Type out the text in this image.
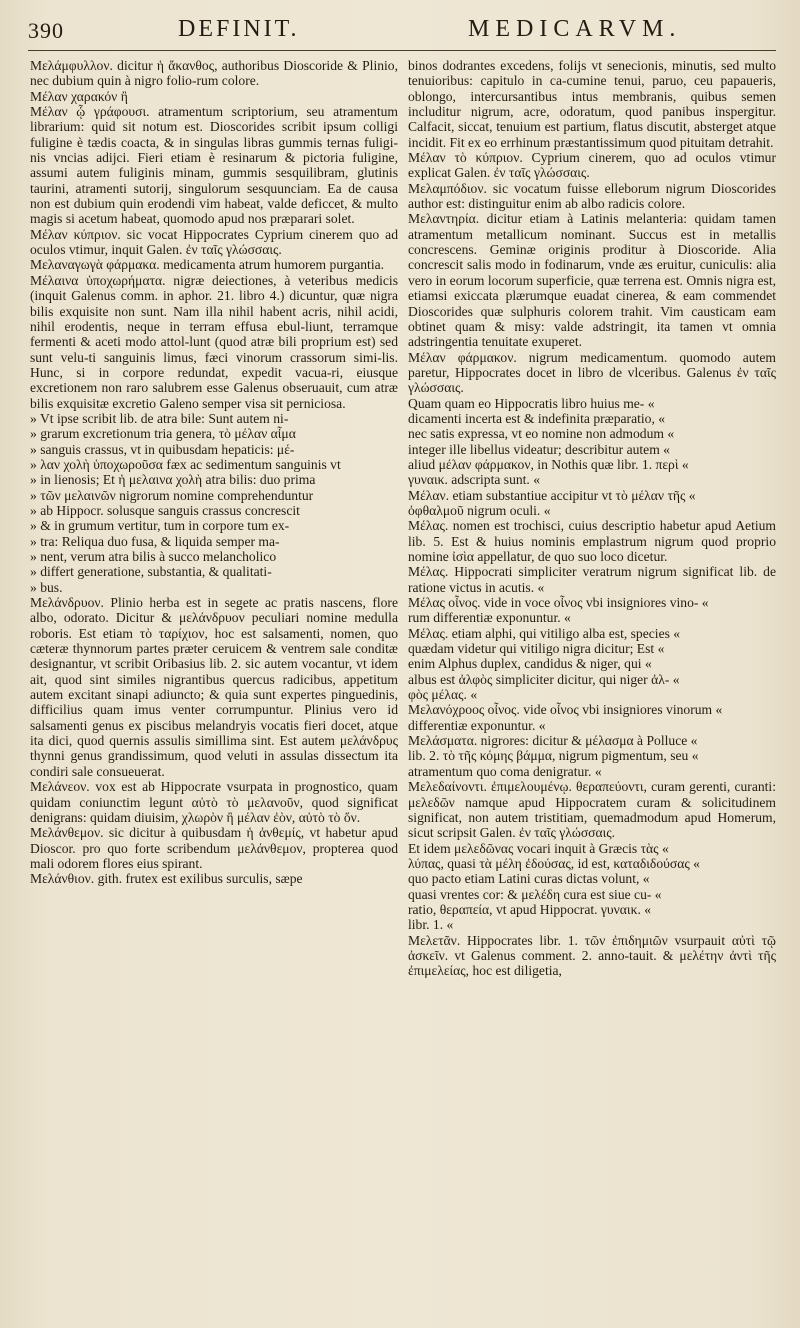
390	DEFINIT.	MEDICARVM.

Μελάμφυλλον. dicitur ἡ ἄκανθος, authoribus Dioscoride & Plinio, nec dubium quin à nigro folio-rum colore.

Μέλαν χαρακόν ἢ

Μέλαν ᾧ γράφουσι. atramentum scriptorium, seu atramentum librarium: quid sit notum est. Dioscorides scribit ipsum colligi fuligine è tædis coacta, & in singulas libras gummis ternas fuligi-nis vncias adijci. Fieri etiam è resinarum & pictoria fuligine, assumi autem fuliginis minam, gummis sesquilibram, glutinis taurini, atramenti sutorij, singulorum sesquunciam. Ea de causa non est dubium quin erodendi vim habeat, valde deficcet, & multo magis si acetum habeat, quomodo apud nos præparari solet.

Μέλαν κύπριον. sic vocat Hippocrates Cyprium cinerem quo ad oculos vtimur, inquit Galen. ἐν ταῖς γλώσσαις.

Μελαναγωγὰ φάρμακα. medicamenta atrum humorem purgantia.

Μέλαινα ὑποχωρήματα. nigræ deiectiones, à veteribus medicis (inquit Galenus comm. in aphor. 21. libro 4.) dicuntur, quæ nigra bilis exquisite non sunt. Nam illa nihil habent acris, nihil acidi, nihil erodentis, neque in terram effusa ebul-liunt, terramque fermenti & aceti modo attol-lunt (quod atræ bili proprium est) sed sunt velu-ti sanguinis limus, fæci vinorum crassorum simi-lis. Hunc, si in corpore redundat, expedit vacua-ri, eiusque excretionem non raro salubrem esse Galenus obseruauit, cum atræ bilis exquisitæ excretio Galeno semper visa sit perniciosa.

» Vt ipse scribit lib. de atra bile: Sunt autem ni-

» grarum excretionum tria genera, τὸ μέλαν αἷμα

» sanguis crassus, vt in quibusdam hepaticis: μέ-

» λαν χολὴ ὑποχωροῦσα fæx ac sedimentum sanguinis vt

» in lienosis; Et ἡ μελαινα χολὴ atra bilis: duo prima

» τῶν μελαινῶν nigrorum nomine comprehenduntur

» ab Hippocr. solusque sanguis crassus concrescit

» & in grumum vertitur, tum in corpore tum ex-

» tra: Reliqua duo fusa, & liquida semper ma-

» nent, verum atra bilis à succo melancholico

» differt generatione, substantia, & qualitati-

» bus.

Μελάνδρυον. Plinio herba est in segete ac pratis nascens, flore albo, odorato. Dicitur & μελάνδρυον peculiari nomine medulla roboris. Est etiam τὸ ταρίχιον, hoc est salsamenti, nomen, quo cæteræ thynnorum partes præter ceruicem & ventrem sale conditæ designantur, vt scribit Oribasius lib. 2. sic autem vocantur, vt idem ait, quod sint similes nigrantibus quercus radicibus, appetitum autem excitant sinapi adiuncto; & quia sunt expertes pinguedinis, difficilius quam imus venter corrumpuntur. Plinius vero id salsamenti genus ex piscibus melandryis vocatis fieri docet, atque ita dici, quod quernis assulis simillima sint. Est autem μελάνδρυς thynni genus grandissimum, quod veluti in assulas dissectum ita condiri sale consueuerat.

Μελάνεον. vox est ab Hippocrate vsurpata in prognostico, quam quidam coniunctim legunt αὐτὸ τὸ μελανοῦν, quod significat denigrans: quidam diuisim, χλωρὸν ἢ μέλαν ἐὸν, αὐτὸ τὸ ὄν.

Μελάνθεμον. sic dicitur à quibusdam ἡ ἀνθεμίς, vt habetur apud Dioscor. pro quo forte scribendum μελάνθεμον, propterea quod mali odorem flores eius spirant.

Μελάνθιον. gith. frutex est exilibus surculis, sæpe

binos dodrantes excedens, folijs vt senecionis, minutis, sed multo tenuioribus: capitulo in ca-cumine tenui, paruo, ceu papaueris, oblongo, intercursantibus intus membranis, quibus semen includitur nigrum, acre, odoratum, quod panibus inspergitur. Calfacit, siccat, tenuium est partium, flatus discutit, absterget atque incidit. Fit ex eo errhinum præstantissimum quod pituitam detrahit.

Μέλαν τὸ κύπριον. Cyprium cinerem, quo ad oculos vtimur explicat Galen. ἐν ταῖς γλώσσαις.

Μελαμπόδιον. sic vocatum fuisse elleborum nigrum Dioscorides author est: distinguitur enim ab albo radicis colore.

Μελαντηρία. dicitur etiam à Latinis melanteria: quidam tamen atramentum metallicum nominant. Succus est in metallis concrescens. Geminæ originis proditur à Dioscoride. Alia concrescit salis modo in fodinarum, vnde æs eruitur, cuniculis: alia vero in eorum locorum superficie, quæ terrena est. Omnis nigra est, etiamsi exiccata plærumque euadat cinerea, & eam commendet Dioscorides quæ sulphuris colorem trahit. Vim causticam eam obtinet quam & misy: valde adstringit, ita tamen vt omnia adstringentia tenuitate exuperet.

Μέλαν φάρμακον. nigrum medicamentum. quomodo autem paretur, Hippocrates docet in libro de vlceribus. Galenus ἐν ταῖς γλώσσαις.

Quam quam eo Hippocratis libro huius me- «

dicamenti incerta est & indefinita præparatio, «

nec satis expressa, vt eo nomine non admodum «

integer ille libellus videatur; describitur autem «

aliud μέλαν φάρμακον, in Nothis quæ libr. 1. περὶ «

γυναικ. adscripta sunt. «

Μέλαν. etiam substantiue accipitur vt τὸ μέλαν τῆς «

ὀφθαλμοῦ nigrum oculi. «

Μέλας. nomen est trochisci, cuius descriptio habetur apud Aetium lib. 5. Est & huius nominis emplastrum nigrum quod proprio nomine ἰσὶα appellatur, de quo suo loco dicetur.

Μέλας. Hippocrati simpliciter veratrum nigrum significat lib. de ratione victus in acutis. «

Μέλας οἶνος. vide in voce οἶνος vbi insigniores vino- «

rum differentiæ exponuntur. «

Μέλας. etiam alphi, qui vitiligo alba est, species «

quædam videtur qui vitiligo nigra dicitur; Est «

enim Alphus duplex, candidus & niger, qui «

albus est ἀλφὸς simpliciter dicitur, qui niger ἀλ- «

φὸς μέλας. «

Μελανόχροος οἶνος. vide οἶνος vbi insigniores vinorum «

differentiæ exponuntur. «

Μελάσματα. nigrores: dicitur & μέλασμα à Polluce «

lib. 2. τὸ τῆς κόμης βάμμα, nigrum pigmentum, seu «

atramentum quo coma denigratur. «

Μελεδαίνοντι. ἐπιμελουμένῳ. θεραπεύοντι, curam gerenti, curanti: μελεδῶν namque apud Hippocratem curam & solicitudinem significat, non autem tristitiam, quemadmodum apud Homerum, sicut scripsit Galen. ἐν ταῖς γλώσσαις.

Et idem μελεδῶνας vocari inquit à Græcis τὰς «

λύπας, quasi τὰ μέλη ἐδούσας, id est, καταδιδούσας «

quo pacto etiam Latini curas dictas volunt, «

quasi vrentes cor: & μελέδη cura est siue cu- «

ratio, θεραπεία, vt apud Hippocrat. γυναικ. «

libr. 1. «

Μελετᾶν. Hippocrates libr. 1. τῶν ἐπιδημιῶν vsurpauit αὐτὶ τῷ ἀσκεῖν. vt Galenus comment. 2. anno-tauit. & μελέτην ἀντὶ τῆς ἐπιμελείας, hoc est diligetia,
